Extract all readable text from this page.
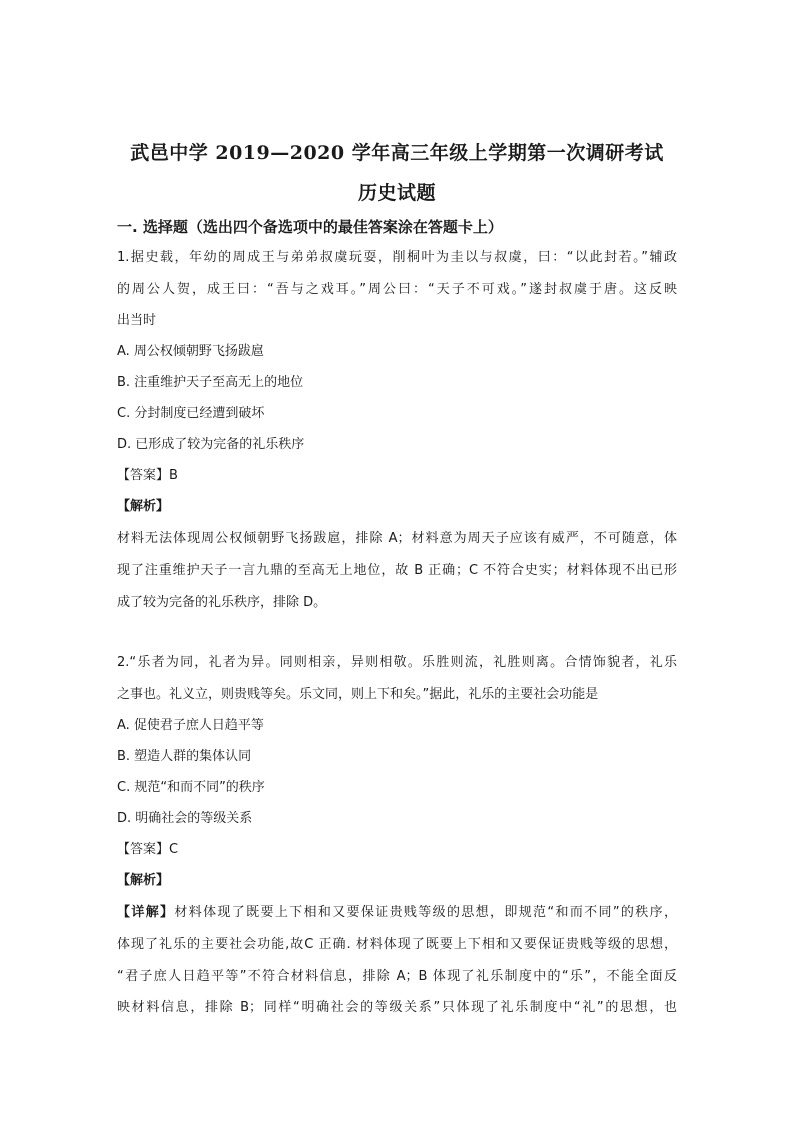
武邑中学 2019—2020 学年高三年级上学期第一次调研考试
历史试题
一. 选择题（选出四个备选项中的最佳答案涂在答题卡上）
1.据史载，年幼的周成王与弟弟叔虞玩耍，削桐叶为圭以与叔虞，曰：“以此封若。”辅政
的周公人贺，成王曰：“吾与之戏耳。”周公曰：“天子不可戏。”遂封叔虞于唐。这反映
出当时
A. 周公权倾朝野飞扬跋扈
B. 注重维护天子至高无上的地位
C. 分封制度已经遭到破坏
D. 已形成了较为完备的礼乐秩序
【答案】B
【解析】
材料无法体现周公权倾朝野飞扬跋扈，排除 A；材料意为周天子应该有威严，不可随意，体
现了注重维护天子一言九鼎的至高无上地位，故 B 正确；C 不符合史实；材料体现不出已形
成了较为完备的礼乐秩序，排除 D。
2.“乐者为同，礼者为异。同则相亲，异则相敬。乐胜则流，礼胜则离。合情饰貌者，礼乐
之事也。礼义立，则贵贱等矣。乐文同，则上下和矣。”据此，礼乐的主要社会功能是
A. 促使君子庶人日趋平等
B. 塑造人群的集体认同
C. 规范“和而不同”的秩序
D. 明确社会的等级关系
【答案】C
【解析】
【详解】材料体现了既要上下相和又要保证贵贱等级的思想，即规范“和而不同”的秩序，
体现了礼乐的主要社会功能,故C 正确. 材料体现了既要上下相和又要保证贵贱等级的思想，
“君子庶人日趋平等”不符合材料信息，排除 A；B 体现了礼乐制度中的“乐”，不能全面反
映材料信息，排除 B；同样“明确社会的等级关系”只体现了礼乐制度中“礼”的思想，也
